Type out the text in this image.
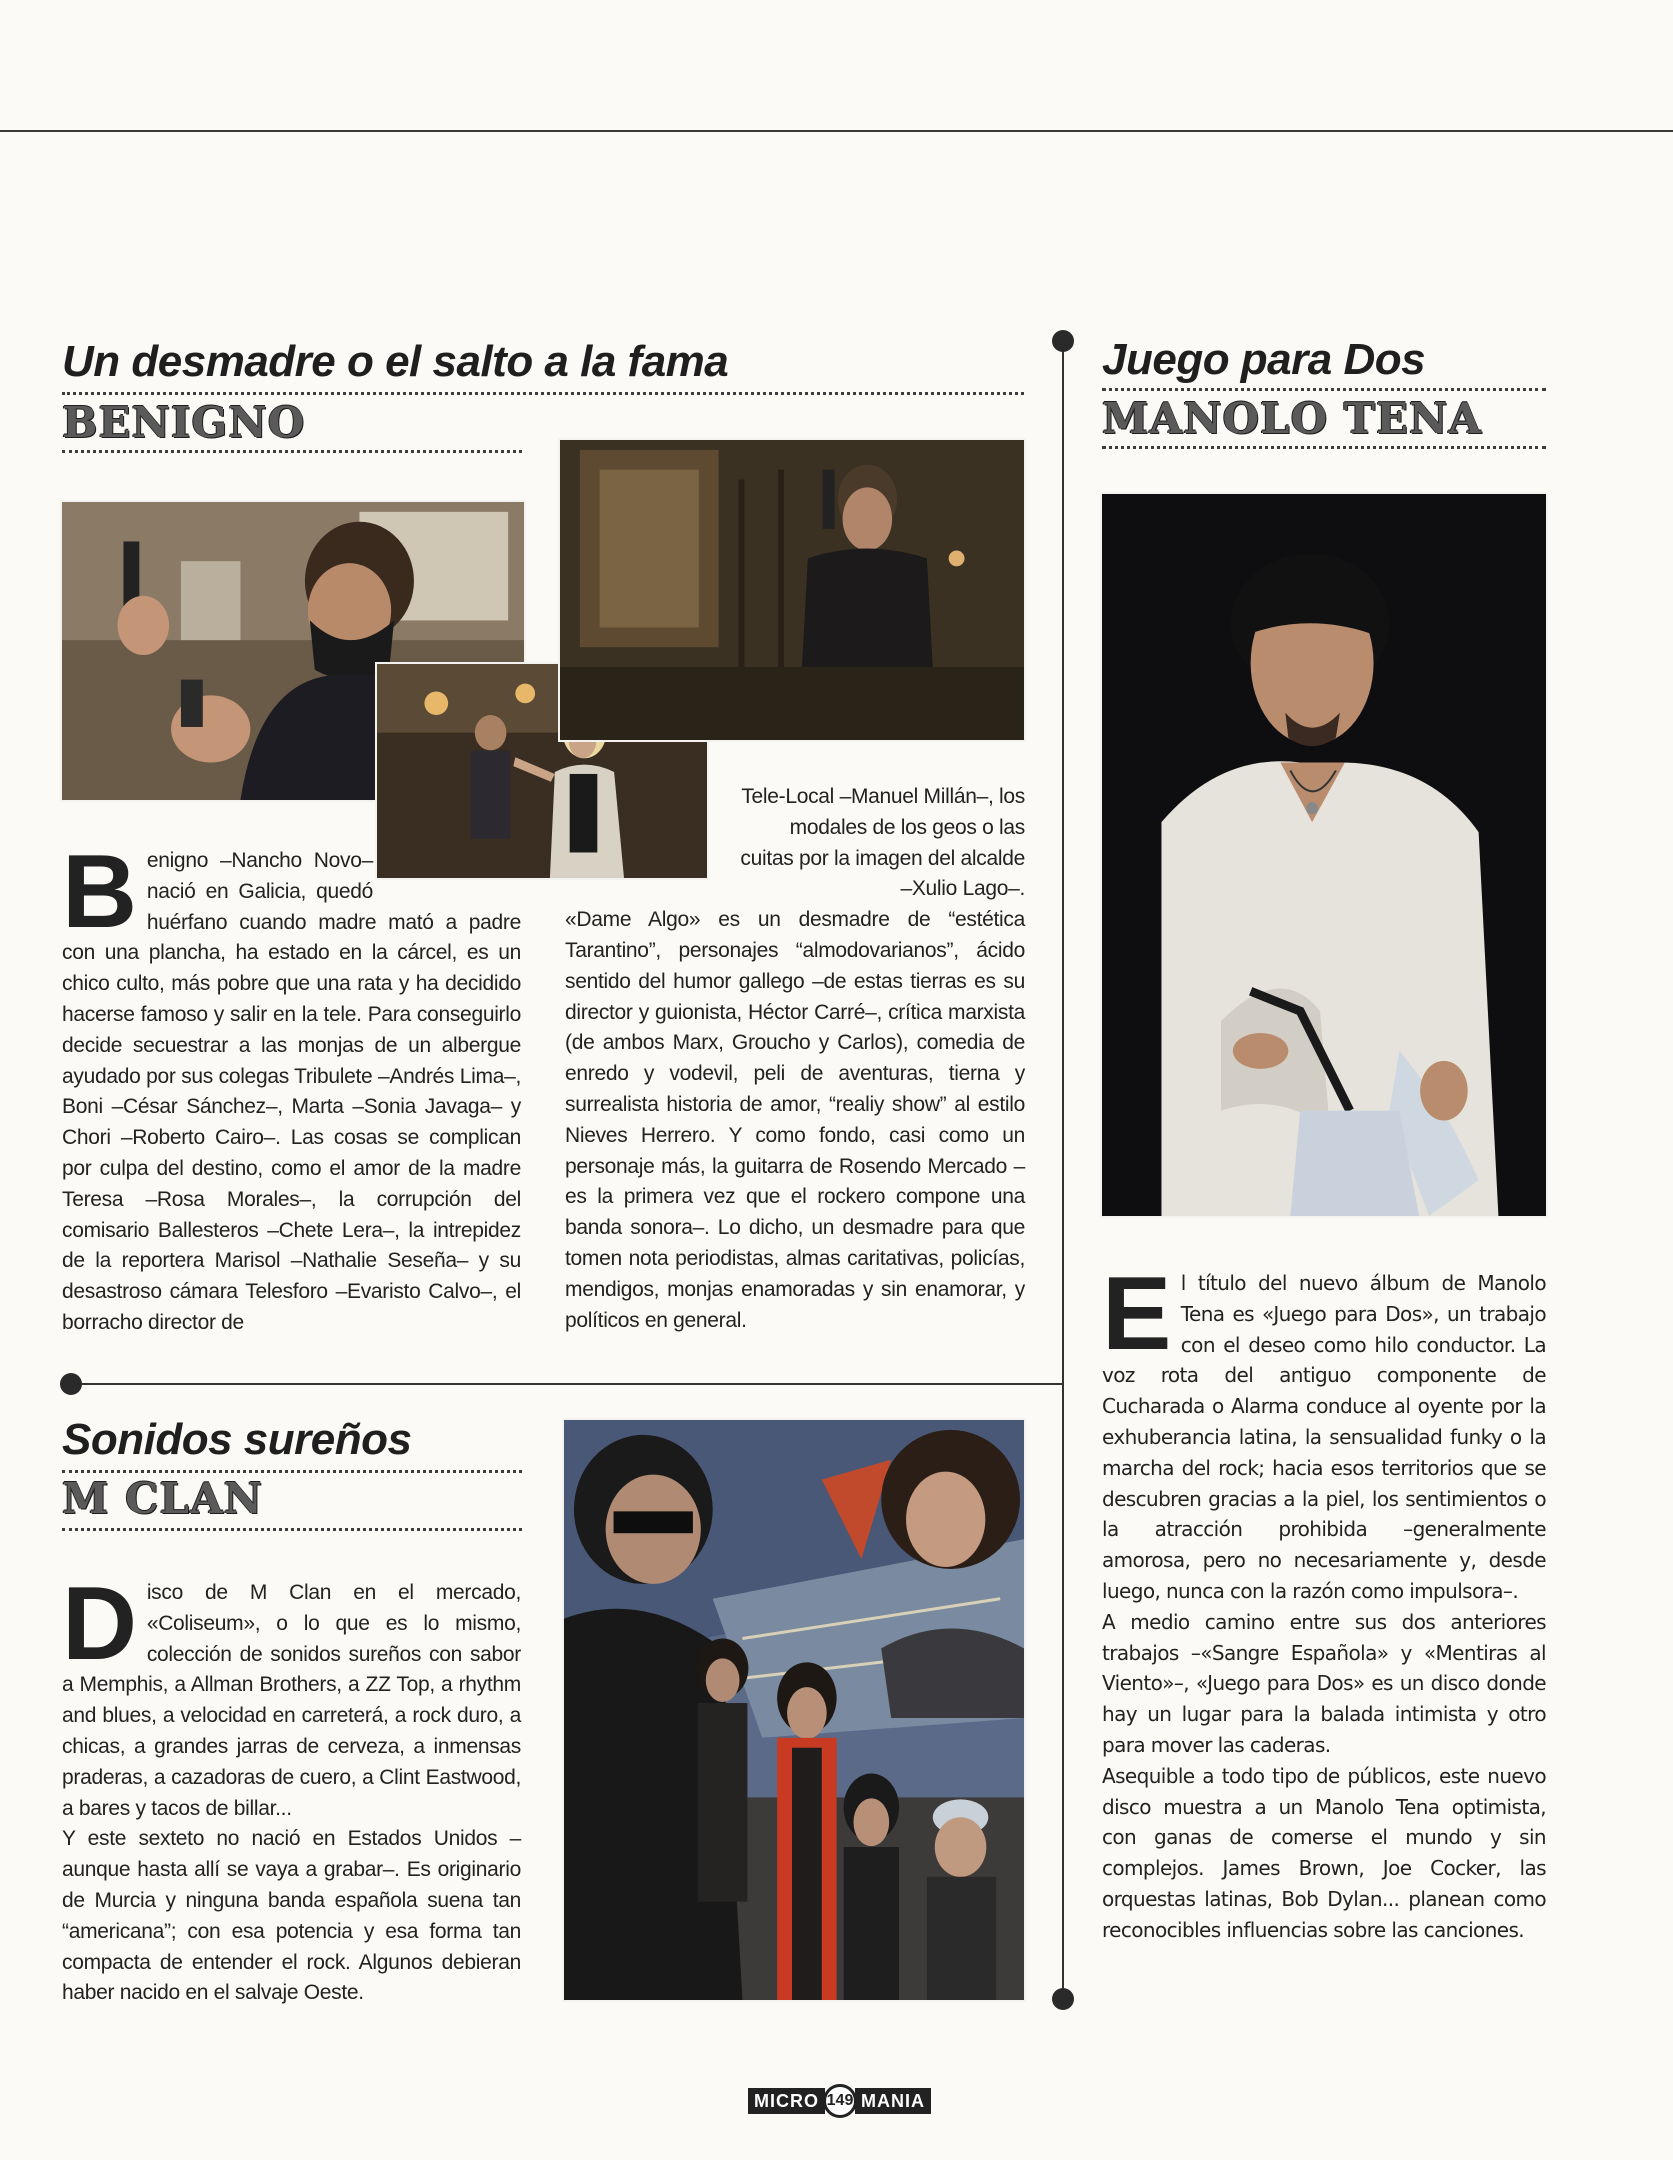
Un desmadre o el salto a la fama
BENIGNO
B enigno –Nancho Novo– nació en Galicia, quedó huérfano cuando madre mató a padre con una plancha, ha estado en la cárcel, es un chico culto, más pobre que una rata y ha decidido hacerse famoso y salir en la tele. Para conseguirlo decide secuestrar a las monjas de un albergue ayudado por sus colegas Tribulete –Andrés Lima–, Boni –César Sánchez–, Marta –Sonia Javaga– y Chori –Roberto Cairo–. Las cosas se complican por culpa del destino, como el amor de la madre Teresa –Rosa Morales–, la corrupción del comisario Ballesteros –Chete Lera–, la intrepidez de la reportera Marisol –Nathalie Seseña– y su desastroso cámara Telesforo –Evaristo Calvo–, el borracho director de

Tele-Local –Manuel Millán–, los modales de los geos o las cuitas por la imagen del alcalde –Xulio Lago–.

«Dame Algo» es un desmadre de “estética Tarantino”, personajes “almodovarianos”, ácido sentido del humor gallego –de estas tierras es su director y guionista, Héctor Carré–, crítica marxista (de ambos Marx, Groucho y Carlos), comedia de enredo y vodevil, peli de aventuras, tierna y surrealista historia de amor, “realiy show” al estilo Nieves Herrero. Y como fondo, casi como un personaje más, la guitarra de Rosendo Mercado –es la primera vez que el rockero compone una banda sonora–. Lo dicho, un desmadre para que tomen nota periodistas, almas caritativas, policías, mendigos, monjas enamoradas y sin enamorar, y políticos en general.

Sonidos sureños
M CLAN
D isco de M Clan en el mercado, «Coliseum», o lo que es lo mismo, colección de sonidos sureños con sabor a Memphis, a Allman Brothers, a ZZ Top, a rhythm and blues, a velocidad en carreterá, a rock duro, a chicas, a grandes jarras de cerveza, a inmensas praderas, a cazadoras de cuero, a Clint Eastwood, a bares y tacos de billar...

Y este sexteto no nació en Estados Unidos –aunque hasta allí se vaya a grabar–. Es originario de Murcia y ninguna banda española suena tan “americana”; con esa potencia y esa forma tan compacta de entender el rock. Algunos debieran haber nacido en el salvaje Oeste.

Juego para Dos
MANOLO TENA
E l título del nuevo álbum de Manolo Tena es «Juego para Dos», un trabajo con el deseo como hilo conductor. La voz rota del antiguo componente de Cucharada o Alarma conduce al oyente por la exhuberancia latina, la sensualidad funky o la marcha del rock; hacia esos territorios que se descubren gracias a la piel, los sentimientos o la atracción prohibida –generalmente amorosa, pero no necesariamente y, desde luego, nunca con la razón como impulsora–.

A medio camino entre sus dos anteriores trabajos –«Sangre Española» y «Mentiras al Viento»–, «Juego para Dos» es un disco donde hay un lugar para la balada intimista y otro para mover las caderas.

Asequible a todo tipo de públicos, este nuevo disco muestra a un Manolo Tena optimista, con ganas de comerse el mundo y sin complejos. James Brown, Joe Cocker, las orquestas latinas, Bob Dylan... planean como reconocibles influencias sobre las canciones.

MICRO 149 MANIA
